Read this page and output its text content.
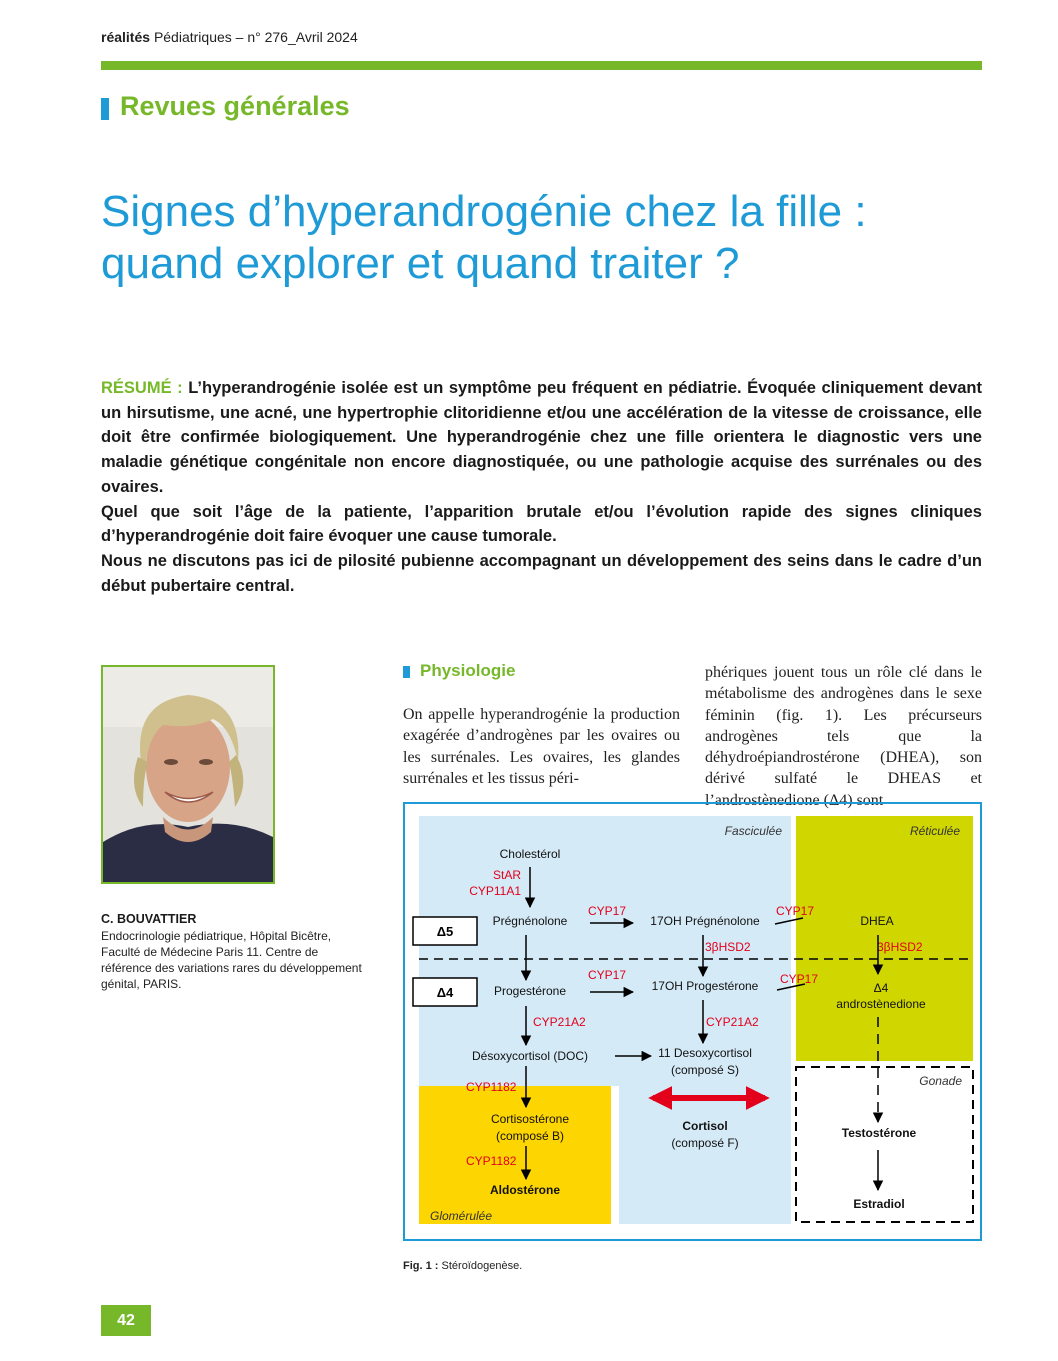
réalités Pédiatriques – n° 276_Avril 2024
Revues générales
Signes d’hyperandrogénie chez la fille : quand explorer et quand traiter ?

RÉSUMÉ : L’hyperandrogénie isolée est un symptôme peu fréquent en pédiatrie. Évoquée cliniquement devant un hirsutisme, une acné, une hypertrophie clitoridienne et/ou une accélération de la vitesse de croissance, elle doit être confirmée biologiquement. Une hyperandrogénie chez une fille orientera le diagnostic vers une maladie génétique congénitale non encore diagnostiquée, ou une pathologie acquise des surrénales ou des ovaires.

Quel que soit l’âge de la patiente, l’apparition brutale et/ou l’évolution rapide des signes cliniques d’hyperandrogénie doit faire évoquer une cause tumorale.

Nous ne discutons pas ici de pilosité pubienne accompagnant un développement des seins dans le cadre d’un début pubertaire central.

C. BOUVATTIER
Endocrinologie pédiatrique, Hôpital Bicêtre, Faculté de Médecine Paris 11. Centre de référence des variations rares du développement génital, PARIS.
Physiologie
On appelle hyperandrogénie la production exagérée d’androgènes par les ovaires ou les surrénales. Les ovaires, les glandes surrénales et les tissus péri-
phériques jouent tous un rôle clé dans le métabolisme des androgènes dans le sexe féminin (fig. 1). Les précurseurs androgènes tels que la déhydroépiandrostérone (DHEA), son dérivé sulfaté le DHEAS et l’androstènedione (Δ4) sont
Fasciculée	Réticulée
Glomérulée
Gonade
Δ5
Δ4
Cholestérol
Prégnénolone	17OH Prégnénolone	DHEA
Progestérone	17OH Progestérone	Δ4
androstènedione
Désoxycortisol (DOC)	11 Desoxycortisol
(composé S)
Cortisostérone
(composé B)
Cortisol
(composé F)
Aldostérone
Testostérone
Estradiol
StAR
CYP11A1
CYP17	CYP17
3βHSD2	3βHSD2
CYP17	CYP17
CYP21A2	CYP21A2
CYP1182
CYP1182
Fig. 1 : Stéroïdogenèse.
42
